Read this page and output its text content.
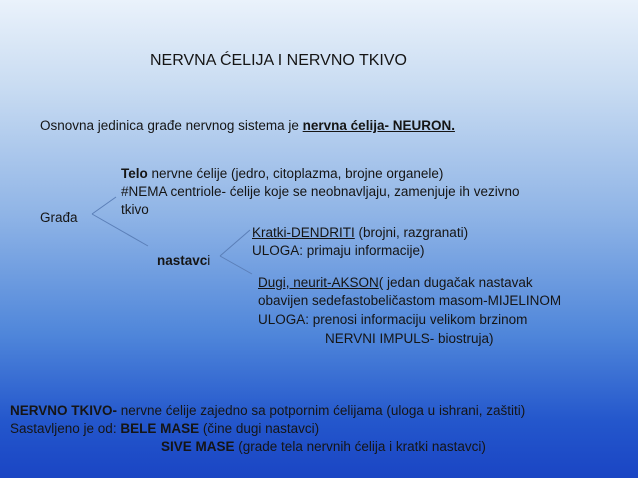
NERVNA ĆELIJA I NERVNO TKIVO
Osnovna jedinica građe nervnog sistema je nervna ćelija- NEURON.
Telo nervne ćelije (jedro, citoplazma, brojne organele)
#NEMA centriole- ćelije koje se neobnavljaju, zamenjuje ih vezivno
tkivo
Građa
Kratki-DENDRITI (brojni, razgranati)
ULOGA: primaju informacije)
nastavci
Dugi, neurit-AKSON( jedan dugačak nastavak
obavijen sedefastobeličastom masom-MIJELINOM
ULOGA: prenosi informaciju velikom brzinom
NERVNI IMPULS- biostruja)
NERVNO TKIVO- nervne ćelije zajedno sa potpornim ćelijama (uloga u ishrani, zaštiti)
Sastavljeno je od: BELE MASE (čine dugi nastavci)
SIVE MASE (grade tela nervnih ćelija i kratki nastavci)
